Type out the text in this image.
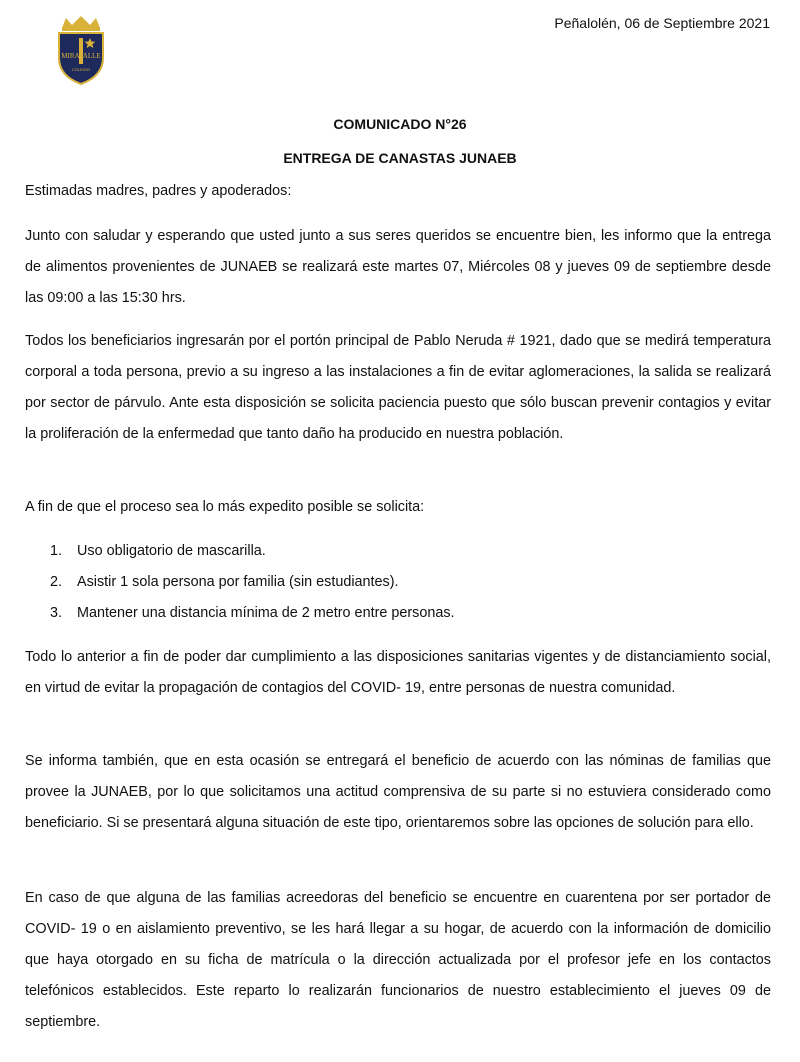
MIRAVALLE
COLEGIO
Peñalolén, 06 de Septiembre 2021
COMUNICADO N°26
ENTREGA DE CANASTAS JUNAEB
Estimadas madres, padres y apoderados:
Junto con saludar y esperando que usted junto a sus seres queridos se encuentre bien, les informo que la entrega de alimentos provenientes de JUNAEB se realizará este martes 07, Miércoles 08 y jueves 09 de septiembre desde las 09:00 a las 15:30 hrs.
Todos los beneficiarios ingresarán por el portón principal de Pablo Neruda # 1921, dado que se medirá temperatura corporal a toda persona, previo a su ingreso a las instalaciones a fin de evitar aglomeraciones, la salida se realizará por sector de párvulo. Ante esta disposición se solicita paciencia puesto que sólo buscan prevenir contagios y evitar la proliferación de la enfermedad que tanto daño ha producido en nuestra población.
A fin de que el proceso sea lo más expedito posible se solicita:
1.	Uso obligatorio de mascarilla.
2.	Asistir 1 sola persona por familia (sin estudiantes).
3.	Mantener una distancia mínima de 2 metro entre personas.
Todo lo anterior a fin de poder dar cumplimiento a las disposiciones sanitarias vigentes y de distanciamiento social, en virtud de evitar la propagación de contagios del COVID- 19, entre personas de nuestra comunidad.
Se informa también, que en esta ocasión se entregará el beneficio de acuerdo con las nóminas de familias que provee la JUNAEB, por lo que solicitamos una actitud comprensiva de su parte si no estuviera considerado como beneficiario. Si se presentará alguna situación de este tipo, orientaremos sobre las opciones de solución para ello.
En caso de que alguna de las familias acreedoras del beneficio se encuentre en cuarentena por ser portador de COVID- 19 o en aislamiento preventivo, se les hará llegar a su hogar, de acuerdo con la información de domicilio que haya otorgado en su ficha de matrícula o la dirección actualizada por el profesor jefe en los contactos telefónicos establecidos. Este reparto lo realizarán funcionarios de nuestro establecimiento el jueves 09 de septiembre.
